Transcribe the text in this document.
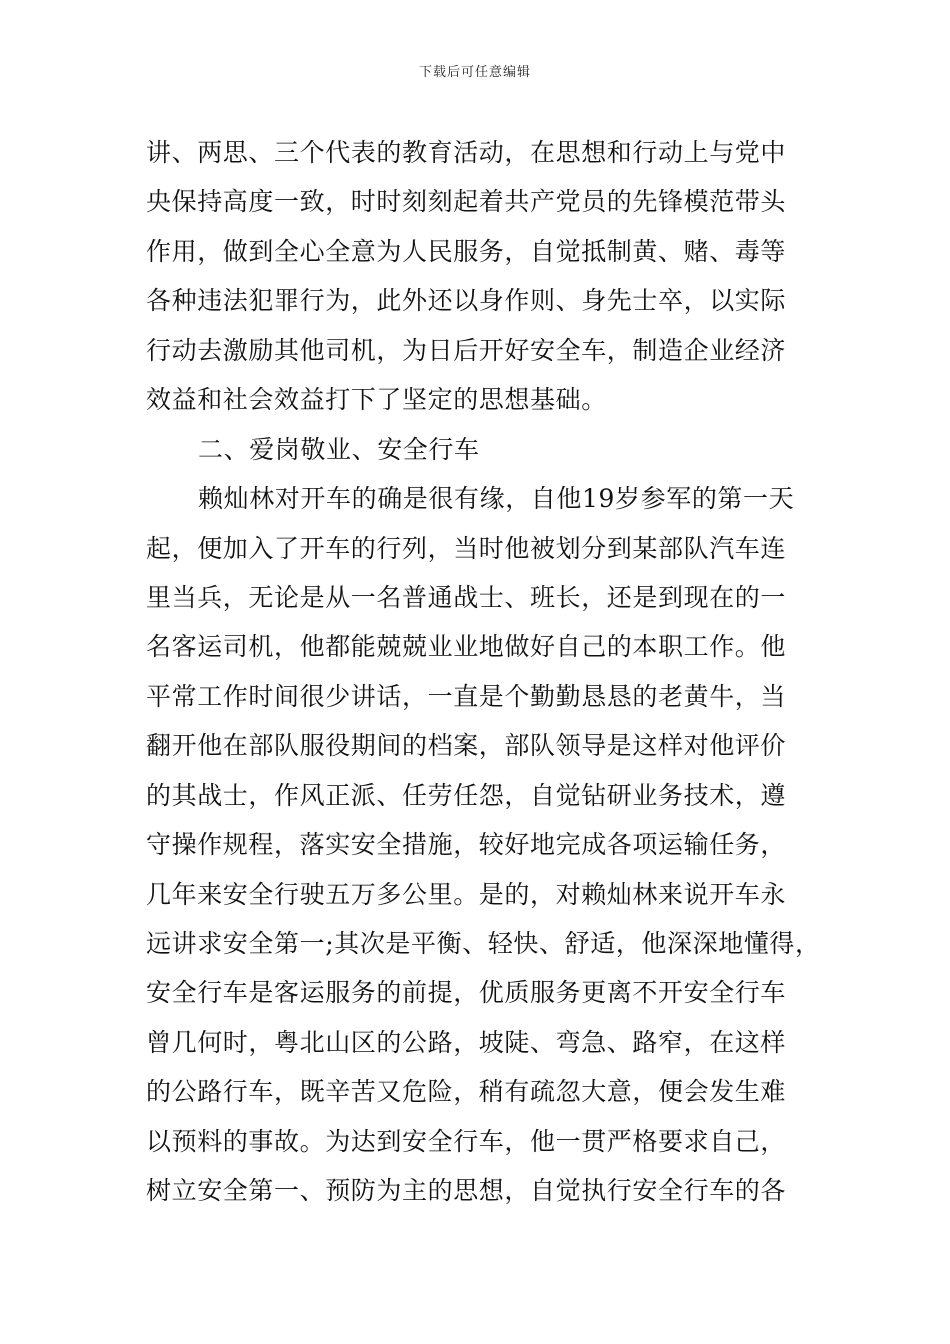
下载后可任意编辑
讲、两思、三个代表的教育活动，在思想和行动上与党中
央保持高度一致，时时刻刻起着共产党员的先锋模范带头
作用，做到全心全意为人民服务，自觉抵制黄、赌、毒等
各种违法犯罪行为，此外还以身作则、身先士卒，以实际
行动去激励其他司机，为日后开好安全车，制造企业经济
效益和社会效益打下了坚定的思想基础。
二、爱岗敬业、安全行车
赖灿林对开车的确是很有缘，自他19岁参军的第一天
起，便加入了开车的行列，当时他被划分到某部队汽车连
里当兵，无论是从一名普通战士、班长，还是到现在的一
名客运司机，他都能兢兢业业地做好自己的本职工作。他
平常工作时间很少讲话，一直是个勤勤恳恳的老黄牛，当
翻开他在部队服役期间的档案，部队领导是这样对他评价
的其战士，作风正派、任劳任怨，自觉钻研业务技术，遵
守操作规程，落实安全措施，较好地完成各项运输任务，
几年来安全行驶五万多公里。是的，对赖灿林来说开车永
远讲求安全第一;其次是平衡、轻快、舒适，他深深地懂得，
安全行车是客运服务的前提，优质服务更离不开安全行车
曾几何时，粤北山区的公路，坡陡、弯急、路窄，在这样
的公路行车，既辛苦又危险，稍有疏忽大意，便会发生难
以预料的事故。为达到安全行车，他一贯严格要求自己，
树立安全第一、预防为主的思想，自觉执行安全行车的各
